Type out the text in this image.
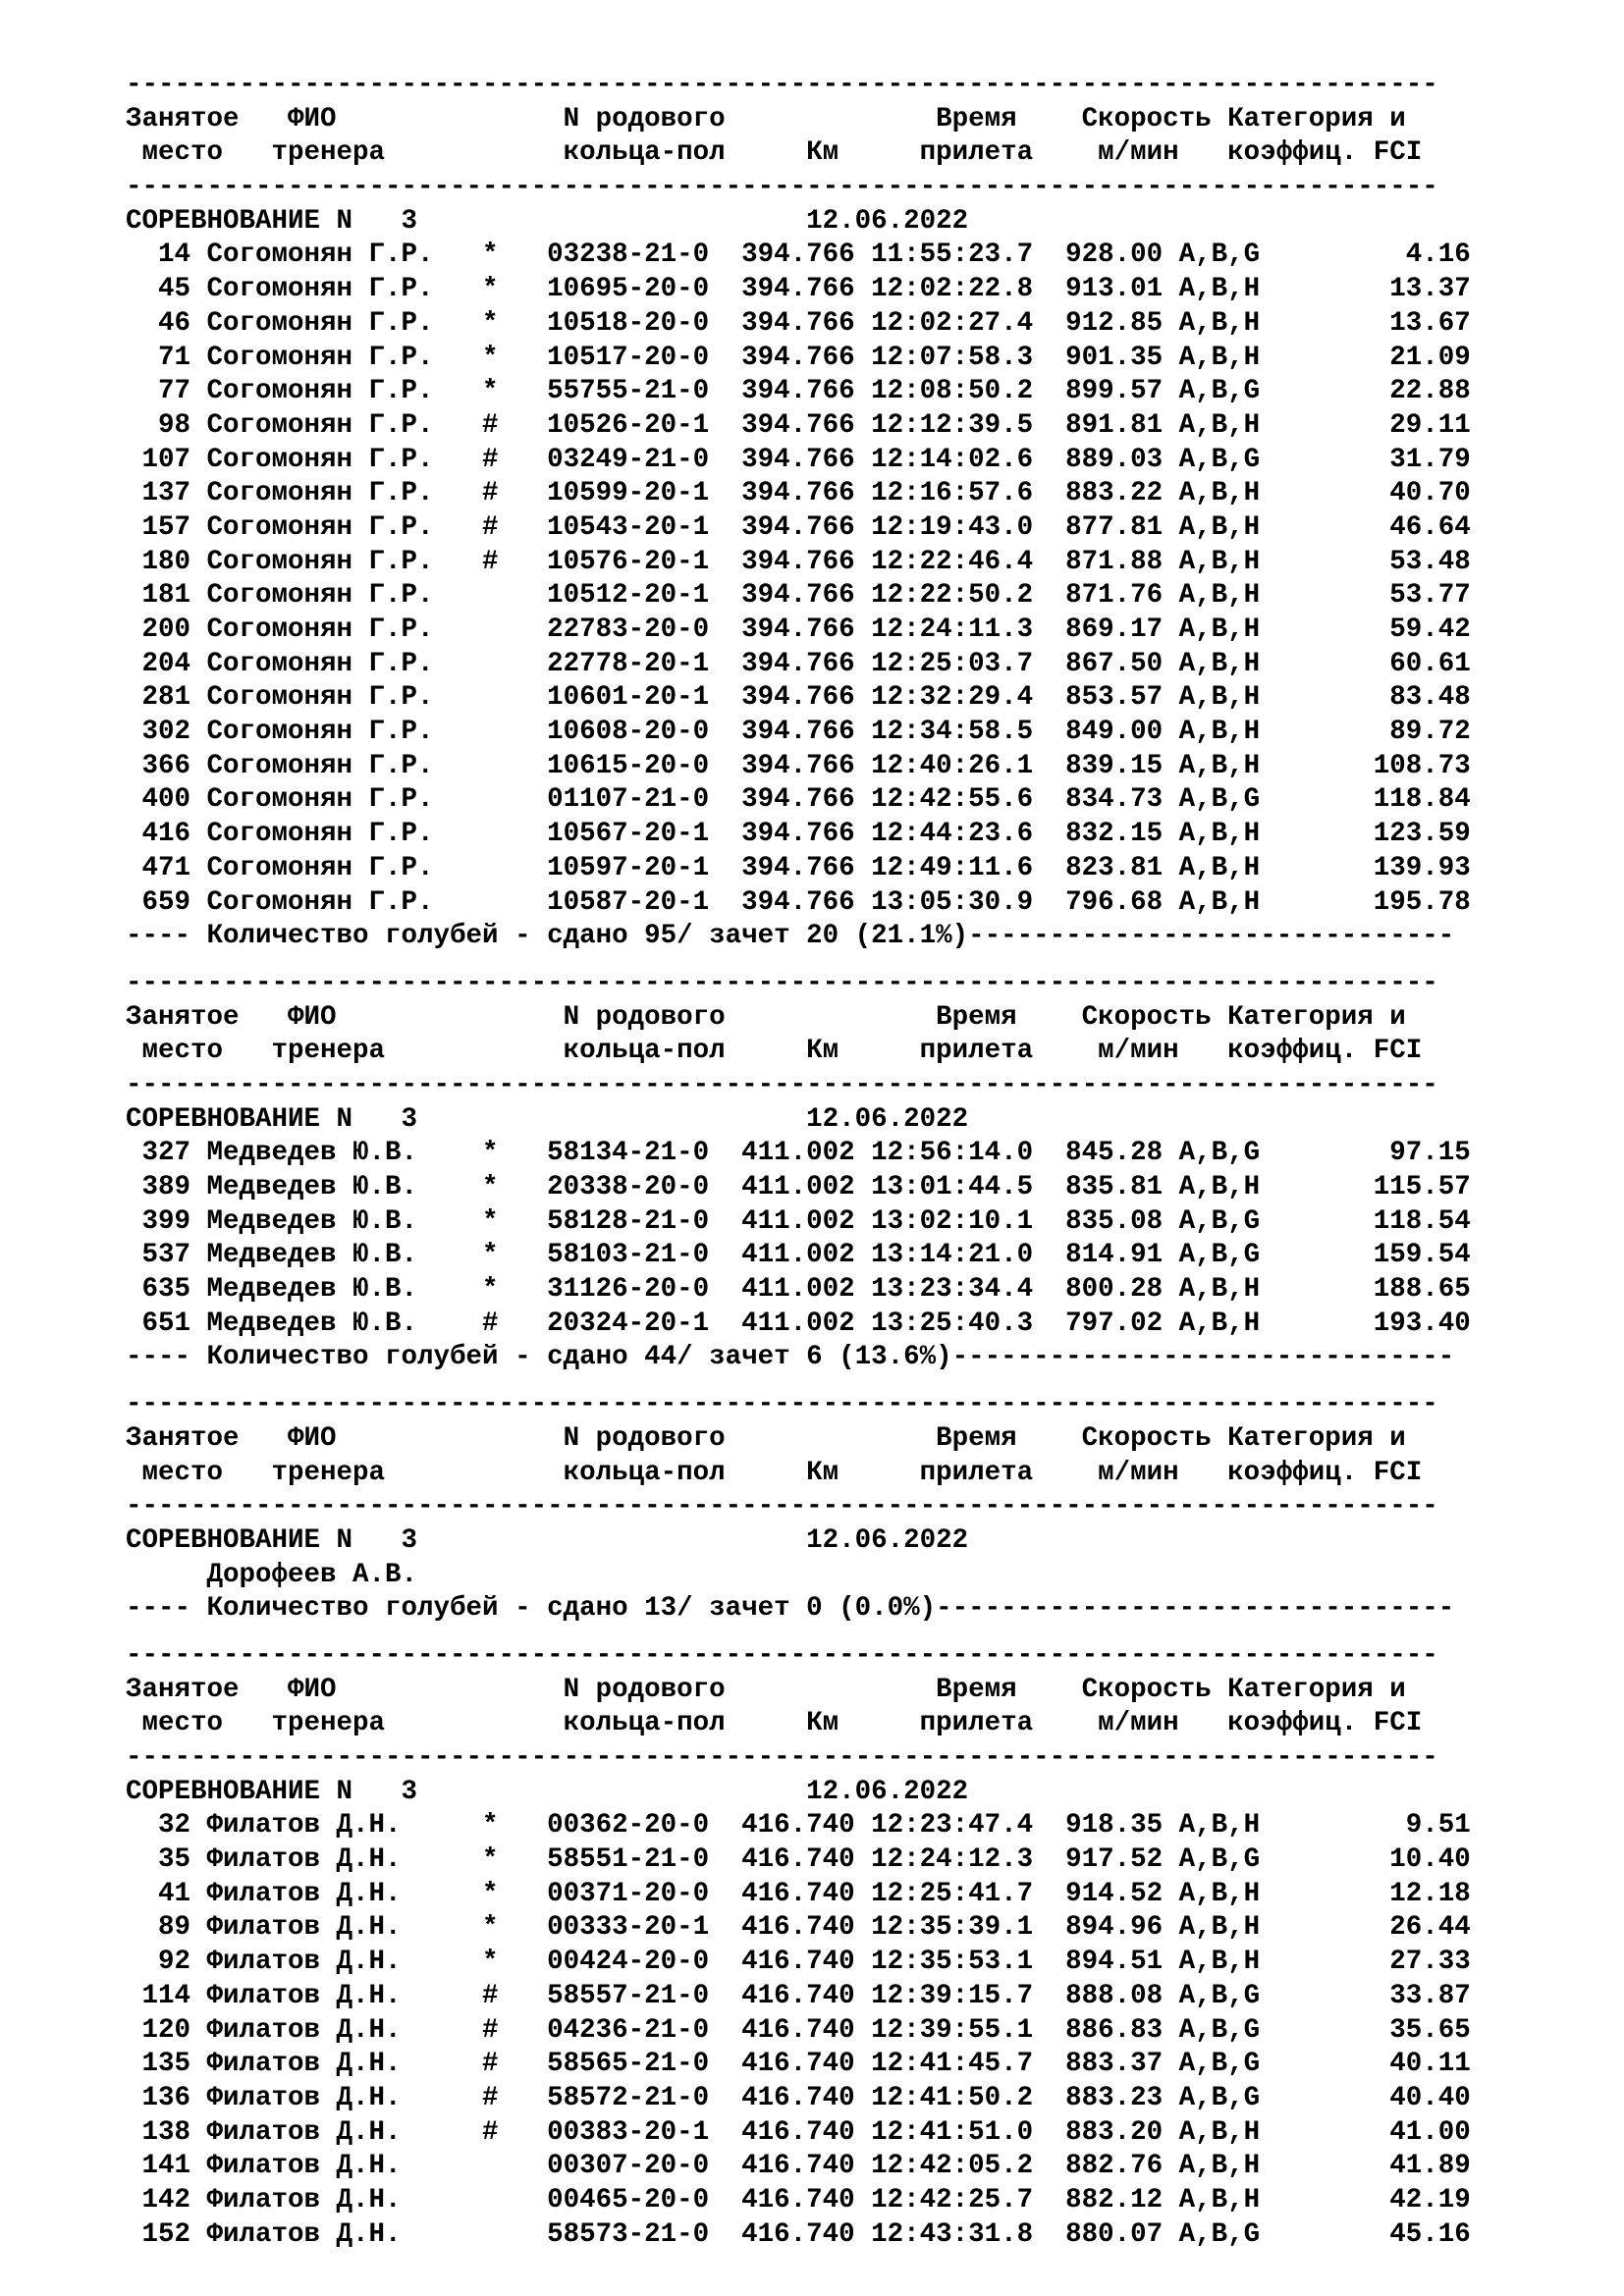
---------------------------------------------------------------------------------
Занятое   ФИО              N родового             Время    Скорость Категория и
место   тренера           кольца-пол     Км     прилета    м/мин   коэффиц. FCI
---------------------------------------------------------------------------------
СОРЕВНОВАНИЕ N   3                        12.06.2022
14 Согомонян Г.Р.   *   03238-21-0  394.766 11:55:23.7  928.00 A,B,G         4.16
45 Согомонян Г.Р.   *   10695-20-0  394.766 12:02:22.8  913.01 A,B,H        13.37
46 Согомонян Г.Р.   *   10518-20-0  394.766 12:02:27.4  912.85 A,B,H        13.67
71 Согомонян Г.Р.   *   10517-20-0  394.766 12:07:58.3  901.35 A,B,H        21.09
77 Согомонян Г.Р.   *   55755-21-0  394.766 12:08:50.2  899.57 A,B,G        22.88
98 Согомонян Г.Р.   #   10526-20-1  394.766 12:12:39.5  891.81 A,B,H        29.11
107 Согомонян Г.Р.   #   03249-21-0  394.766 12:14:02.6  889.03 A,B,G        31.79
137 Согомонян Г.Р.   #   10599-20-1  394.766 12:16:57.6  883.22 A,B,H        40.70
157 Согомонян Г.Р.   #   10543-20-1  394.766 12:19:43.0  877.81 A,B,H        46.64
180 Согомонян Г.Р.   #   10576-20-1  394.766 12:22:46.4  871.88 A,B,H        53.48
181 Согомонян Г.Р.       10512-20-1  394.766 12:22:50.2  871.76 A,B,H        53.77
200 Согомонян Г.Р.       22783-20-0  394.766 12:24:11.3  869.17 A,B,H        59.42
204 Согомонян Г.Р.       22778-20-1  394.766 12:25:03.7  867.50 A,B,H        60.61
281 Согомонян Г.Р.       10601-20-1  394.766 12:32:29.4  853.57 A,B,H        83.48
302 Согомонян Г.Р.       10608-20-0  394.766 12:34:58.5  849.00 A,B,H        89.72
366 Согомонян Г.Р.       10615-20-0  394.766 12:40:26.1  839.15 A,B,H       108.73
400 Согомонян Г.Р.       01107-21-0  394.766 12:42:55.6  834.73 A,B,G       118.84
416 Согомонян Г.Р.       10567-20-1  394.766 12:44:23.6  832.15 A,B,H       123.59
471 Согомонян Г.Р.       10597-20-1  394.766 12:49:11.6  823.81 A,B,H       139.93
659 Согомонян Г.Р.       10587-20-1  394.766 13:05:30.9  796.68 A,B,H       195.78
---- Количество голубей - сдано 95/ зачет 20 (21.1%)------------------------------
---------------------------------------------------------------------------------
Занятое   ФИО              N родового             Время    Скорость Категория и
место   тренера           кольца-пол     Км     прилета    м/мин   коэффиц. FCI
---------------------------------------------------------------------------------
СОРЕВНОВАНИЕ N   3                        12.06.2022
327 Медведев Ю.В.    *   58134-21-0  411.002 12:56:14.0  845.28 A,B,G        97.15
389 Медведев Ю.В.    *   20338-20-0  411.002 13:01:44.5  835.81 A,B,H       115.57
399 Медведев Ю.В.    *   58128-21-0  411.002 13:02:10.1  835.08 A,B,G       118.54
537 Медведев Ю.В.    *   58103-21-0  411.002 13:14:21.0  814.91 A,B,G       159.54
635 Медведев Ю.В.    *   31126-20-0  411.002 13:23:34.4  800.28 A,B,H       188.65
651 Медведев Ю.В.    #   20324-20-1  411.002 13:25:40.3  797.02 A,B,H       193.40
---- Количество голубей - сдано 44/ зачет 6 (13.6%)-------------------------------
---------------------------------------------------------------------------------
Занятое   ФИО              N родового             Время    Скорость Категория и
место   тренера           кольца-пол     Км     прилета    м/мин   коэффиц. FCI
---------------------------------------------------------------------------------
СОРЕВНОВАНИЕ N   3                        12.06.2022
Дорофеев А.В.
---- Количество голубей - сдано 13/ зачет 0 (0.0%)--------------------------------
---------------------------------------------------------------------------------
Занятое   ФИО              N родового             Время    Скорость Категория и
место   тренера           кольца-пол     Км     прилета    м/мин   коэффиц. FCI
---------------------------------------------------------------------------------
СОРЕВНОВАНИЕ N   3                        12.06.2022
32 Филатов Д.Н.     *   00362-20-0  416.740 12:23:47.4  918.35 A,B,H         9.51
35 Филатов Д.Н.     *   58551-21-0  416.740 12:24:12.3  917.52 A,B,G        10.40
41 Филатов Д.Н.     *   00371-20-0  416.740 12:25:41.7  914.52 A,B,H        12.18
89 Филатов Д.Н.     *   00333-20-1  416.740 12:35:39.1  894.96 A,B,H        26.44
92 Филатов Д.Н.     *   00424-20-0  416.740 12:35:53.1  894.51 A,B,H        27.33
114 Филатов Д.Н.     #   58557-21-0  416.740 12:39:15.7  888.08 A,B,G        33.87
120 Филатов Д.Н.     #   04236-21-0  416.740 12:39:55.1  886.83 A,B,G        35.65
135 Филатов Д.Н.     #   58565-21-0  416.740 12:41:45.7  883.37 A,B,G        40.11
136 Филатов Д.Н.     #   58572-21-0  416.740 12:41:50.2  883.23 A,B,G        40.40
138 Филатов Д.Н.     #   00383-20-1  416.740 12:41:51.0  883.20 A,B,H        41.00
141 Филатов Д.Н.         00307-20-0  416.740 12:42:05.2  882.76 A,B,H        41.89
142 Филатов Д.Н.         00465-20-0  416.740 12:42:25.7  882.12 A,B,H        42.19
152 Филатов Д.Н.         58573-21-0  416.740 12:43:31.8  880.07 A,B,G        45.16
